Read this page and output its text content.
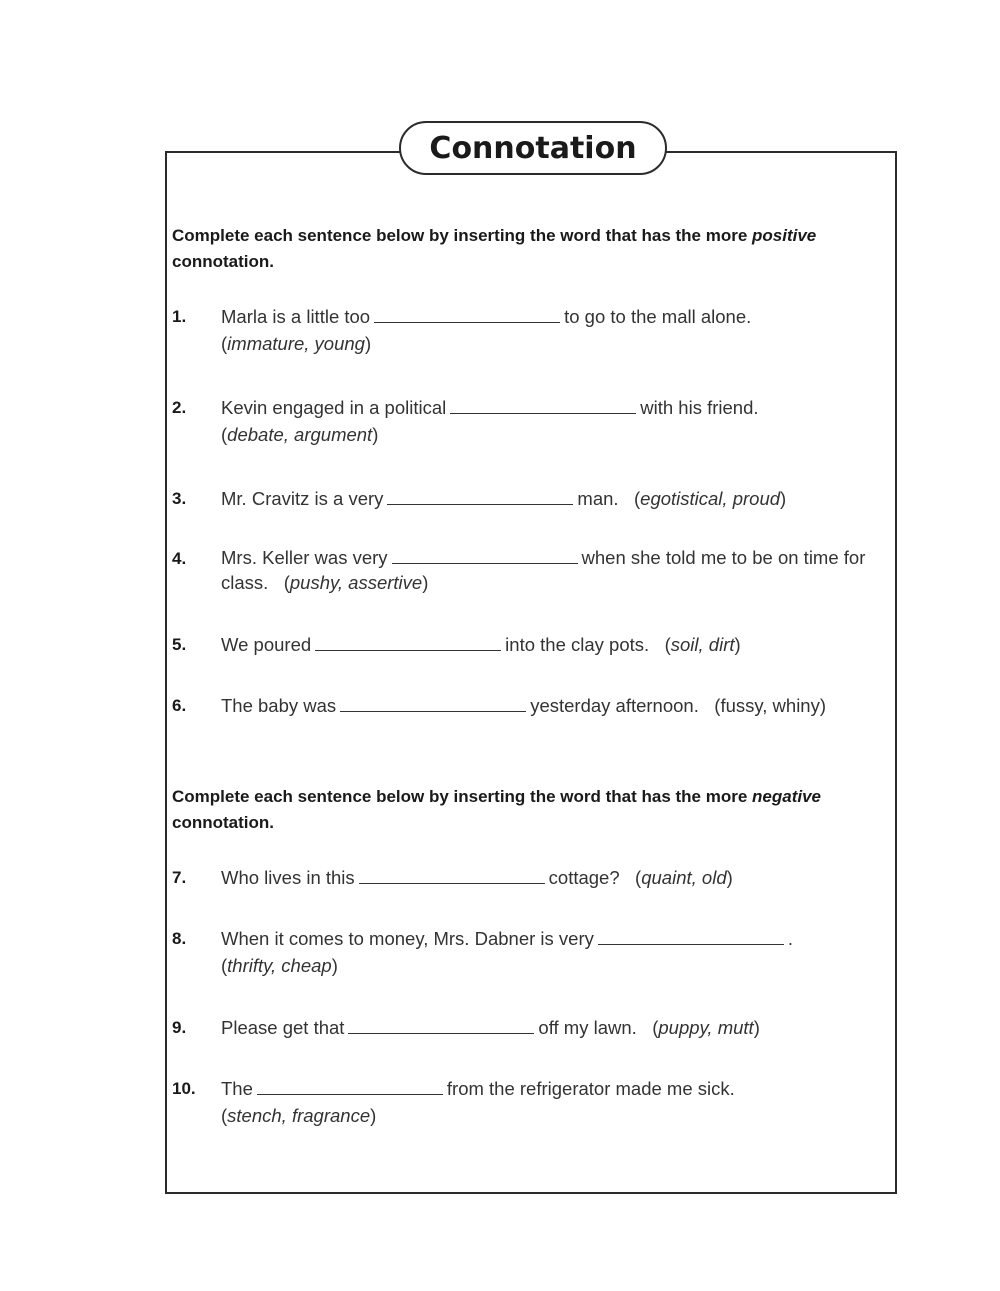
Connotation
Complete each sentence below by inserting the word that has the more positive connotation.
1. Marla is a little too	to go to the mall alone.
(immature, young)
2. Kevin engaged in a political	with his friend.
(debate, argument)
3. Mr. Cravitz is a very	man.   (egotistical, proud)
4. Mrs. Keller was very	when she told me to be on time for class.   (pushy, assertive)
5. We poured	into the clay pots.   (soil, dirt)
6. The baby was	yesterday afternoon.   (fussy, whiny)
Complete each sentence below by inserting the word that has the more negative connotation.
7. Who lives in this	cottage?   (quaint, old)
8. When it comes to money, Mrs. Dabner is very	.
(thrifty, cheap)
9. Please get that	off my lawn.   (puppy, mutt)
10. The	from the refrigerator made me sick.
(stench, fragrance)
